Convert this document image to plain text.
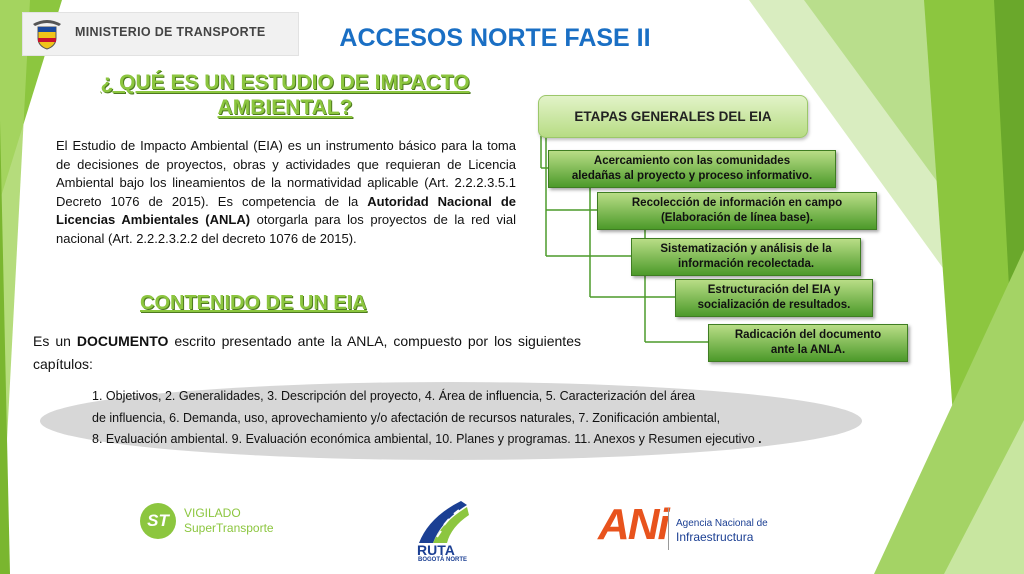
MINISTERIO DE TRANSPORTE	ACCESOS NORTE FASE II
¿ QUÉ ES UN ESTUDIO DE IMPACTO
AMBIENTAL?
El Estudio de Impacto Ambiental (EIA) es un instrumento básico para la toma de decisiones de proyectos, obras y actividades que requieran de Licencia Ambiental bajo los lineamientos de la normatividad aplicable (Art. 2.2.2.3.5.1 Decreto 1076 de 2015). Es competencia de la Autoridad Nacional de Licencias Ambientales (ANLA) otorgarla para los proyectos de la red vial nacional (Art. 2.2.2.3.2.2 del decreto 1076 de 2015).
CONTENIDO DE UN EIA
Es un DOCUMENTO escrito presentado ante la ANLA, compuesto por los siguientes capítulos:
1. Objetivos, 2. Generalidades, 3. Descripción del proyecto, 4. Área de influencia, 5. Caracterización del área
de influencia, 6. Demanda, uso, aprovechamiento y/o afectación de recursos naturales, 7. Zonificación ambiental,
8. Evaluación ambiental. 9. Evaluación económica ambiental, 10. Planes y programas. 11. Anexos y Resumen ejecutivo .
ETAPAS GENERALES DEL EIA
Acercamiento con las comunidades
aledañas al proyecto y proceso informativo.
Recolección de información en campo
(Elaboración de línea base).
Sistematización y análisis de la
información recolectada.
Estructuración del EIA y
socialización de resultados.
Radicación del documento
ante la ANLA.
ST	VIGILADO
SuperTransporte
RUTA
BOGOTÁ NORTE
ANi Agencia Nacional de
Infraestructura
